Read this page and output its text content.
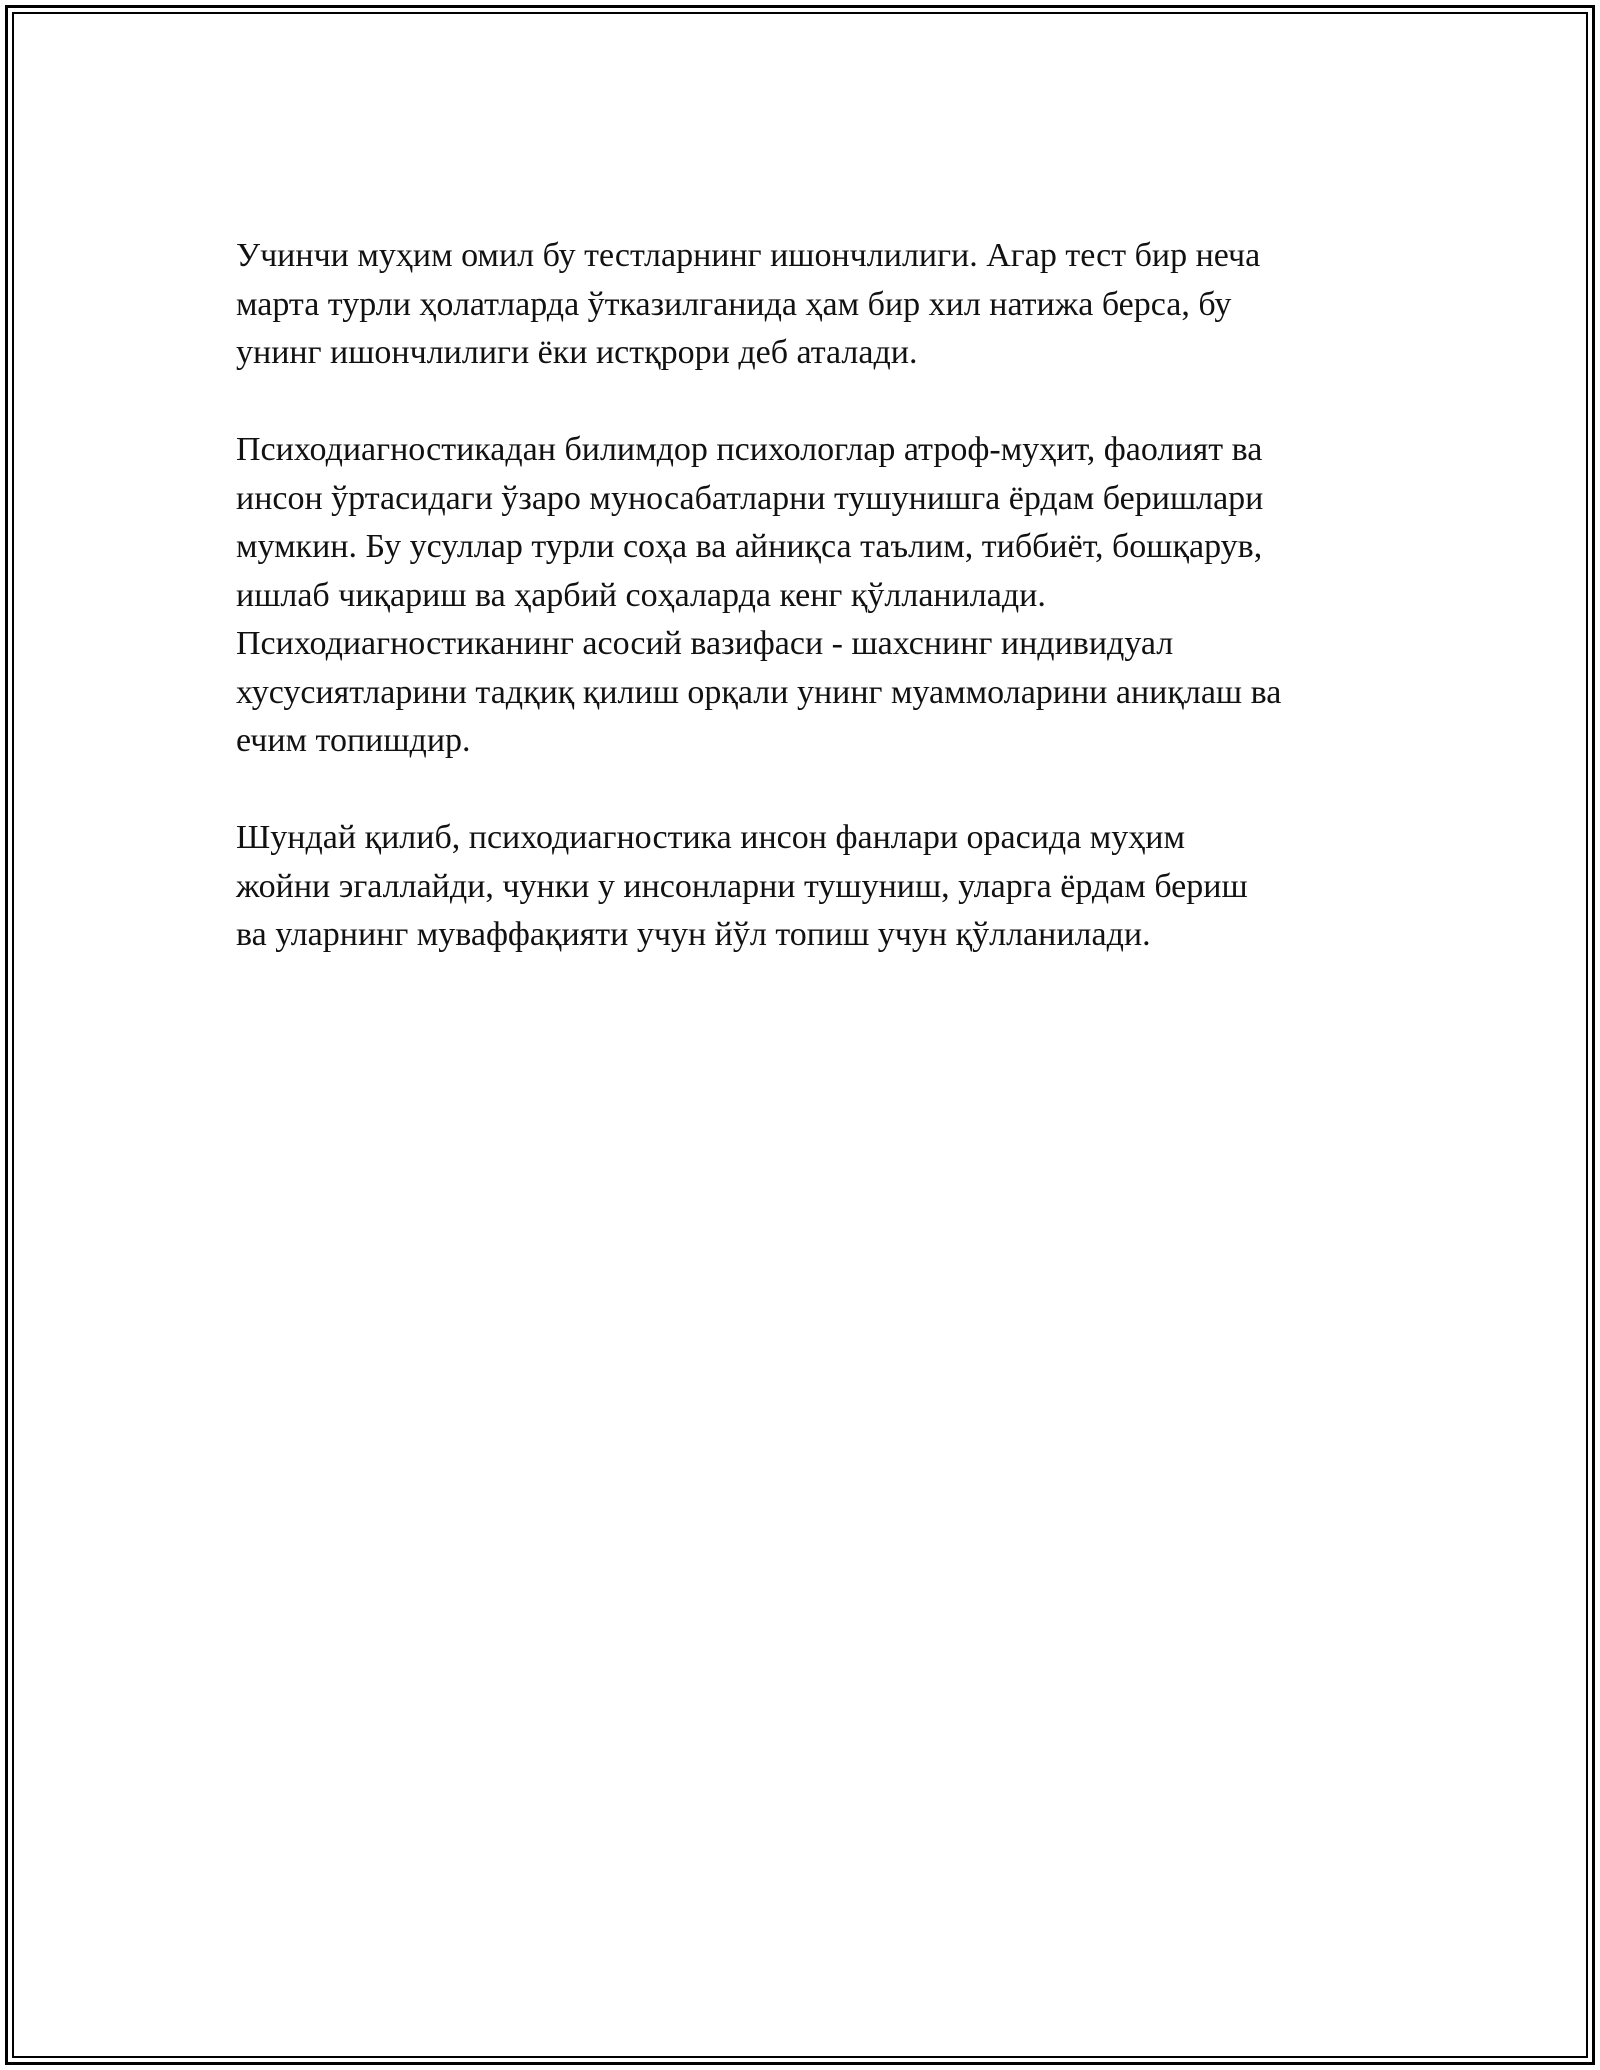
Учинчи муҳим омил бу тестларнинг ишончлилиги. Агар тест бир неча
марта турли ҳолатларда ўтказилганида ҳам бир хил натижа берса, бу
унинг ишончлилиги ёки истқрори деб аталади.

Психодиагностикадан билимдор психологлар атроф-муҳит, фаолият ва
инсон ўртасидаги ўзаро муносабатларни тушунишга ёрдам беришлари
мумкин. Бу усуллар турли соҳа ва айниқса таълим, тиббиёт, бошқарув,
ишлаб чиқариш ва ҳарбий соҳаларда кенг қўлланилади.
Психодиагностиканинг асосий вазифаси - шахснинг индивидуал
хусусиятларини тадқиқ қилиш орқали унинг муаммоларини аниқлаш ва
ечим топишдир.

Шундай қилиб, психодиагностика инсон фанлари орасида муҳим
жойни эгаллайди, чунки у инсонларни тушуниш, уларга ёрдам бериш
ва уларнинг муваффақияти учун йўл топиш учун қўлланилади.
